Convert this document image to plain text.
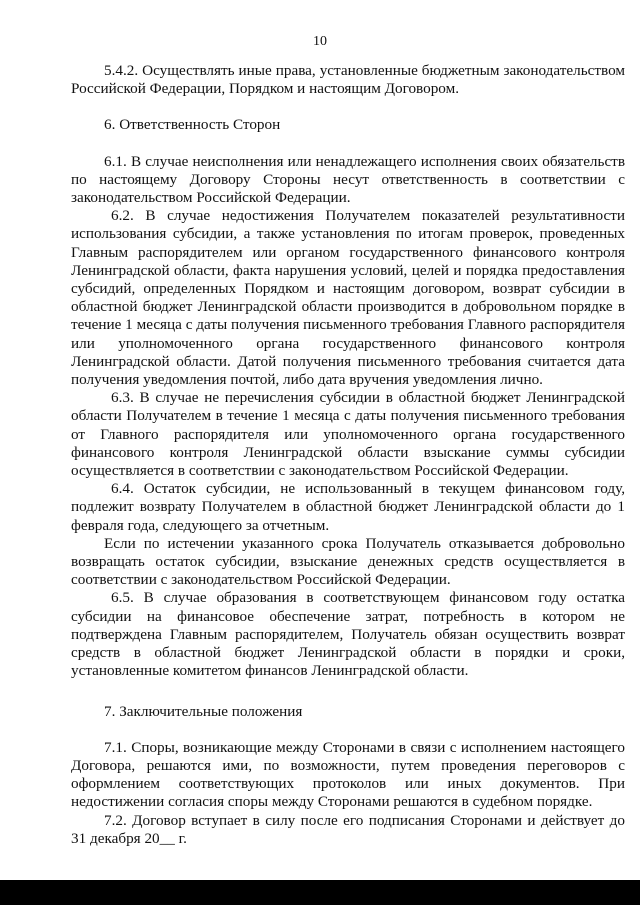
10

5.4.2. Осуществлять иные права, установленные бюджетным законодательством Российской Федерации, Порядком и настоящим Договором.

6. Ответственность Сторон

6.1. В случае неисполнения или ненадлежащего исполнения своих обязательств по настоящему Договору Стороны несут ответственность в соответствии с законодательством Российской Федерации.

6.2. В случае недостижения Получателем показателей результативности использования субсидии, а также установления по итогам проверок, проведенных Главным распорядителем или органом государственного финансового контроля Ленинградской области, факта нарушения условий, целей и порядка предоставления субсидий, определенных Порядком и настоящим договором, возврат субсидии в областной бюджет Ленинградской области производится в добровольном порядке в течение 1 месяца с даты получения письменного требования Главного распорядителя или уполномоченного органа государственного финансового контроля Ленинградской области. Датой получения письменного требования считается дата получения уведомления почтой, либо дата вручения уведомления лично.

6.3. В случае не перечисления субсидии в областной бюджет Ленинградской области Получателем в течение 1 месяца с даты получения письменного требования от Главного распорядителя или уполномоченного органа государственного финансового контроля Ленинградской области взыскание суммы субсидии осуществляется в соответствии с законодательством Российской Федерации.

6.4. Остаток субсидии, не использованный в текущем финансовом году, подлежит возврату Получателем в областной бюджет Ленинградской области до 1 февраля года, следующего за отчетным.

Если по истечении указанного срока Получатель отказывается добровольно возвращать остаток субсидии, взыскание денежных средств осуществляется в соответствии с законодательством Российской Федерации.

6.5. В случае образования в соответствующем финансовом году остатка субсидии на финансовое обеспечение затрат, потребность в котором не подтверждена Главным распорядителем, Получатель обязан осуществить возврат средств в областной бюджет Ленинградской области в порядки и сроки, установленные комитетом финансов Ленинградской области.

7. Заключительные положения

7.1. Споры, возникающие между Сторонами в связи с исполнением настоящего Договора, решаются ими, по возможности, путем проведения переговоров с оформлением соответствующих протоколов или иных документов. При недостижении согласия споры между Сторонами решаются в судебном порядке.

7.2. Договор вступает в силу после его подписания Сторонами и действует до 31 декабря 20__ г.
